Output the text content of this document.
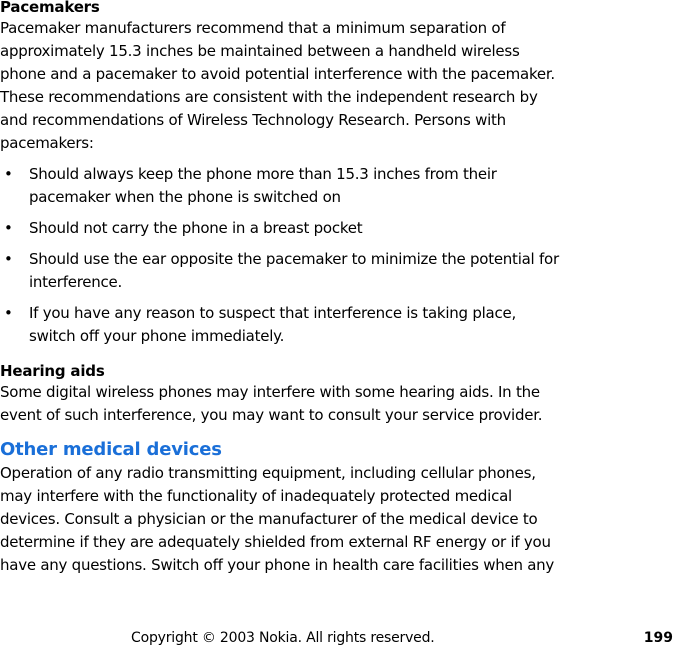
Pacemakers

Pacemaker manufacturers recommend that a minimum separation of approximately 15.3 inches be maintained between a handheld wireless phone and a pacemaker to avoid potential interference with the pacemaker. These recommendations are consistent with the independent research by and recommendations of Wireless Technology Research. Persons with pacemakers:

• Should always keep the phone more than 15.3 inches from their pacemaker when the phone is switched on
• Should not carry the phone in a breast pocket
• Should use the ear opposite the pacemaker to minimize the potential for interference.
• If you have any reason to suspect that interference is taking place, switch off your phone immediately.
Hearing aids

Some digital wireless phones may interfere with some hearing aids. In the event of such interference, you may want to consult your service provider.

Other medical devices

Operation of any radio transmitting equipment, including cellular phones, may interfere with the functionality of inadequately protected medical devices. Consult a physician or the manufacturer of the medical device to determine if they are adequately shielded from external RF energy or if you have any questions. Switch off your phone in health care facilities when any

Copyright © 2003 Nokia. All rights reserved.	199
